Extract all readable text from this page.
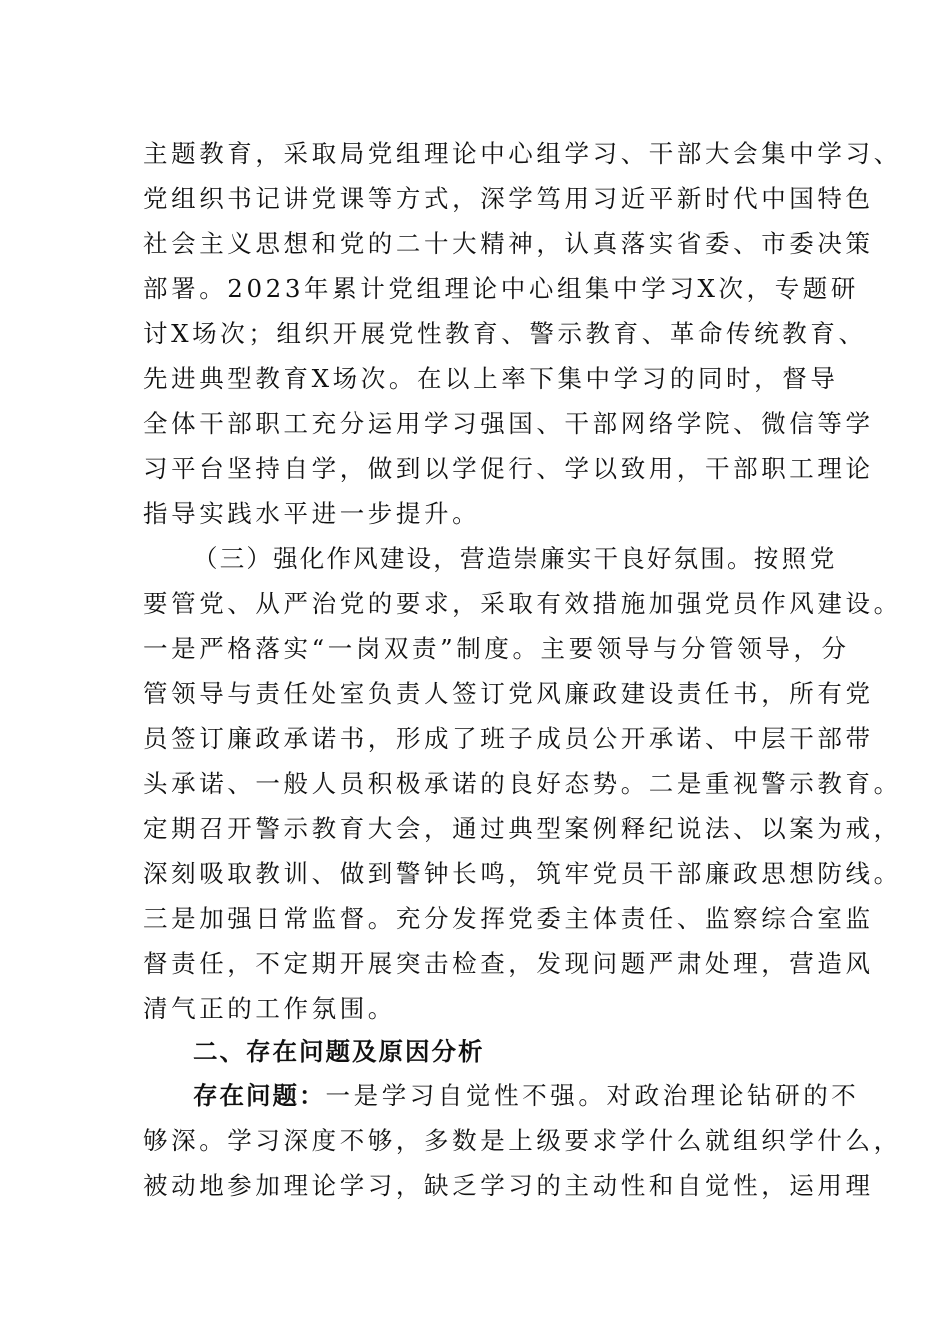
主题教育，采取局党组理论中心组学习、干部大会集中学习、
党组织书记讲党课等方式，深学笃用习近平新时代中国特色
社会主义思想和党的二十大精神，认真落实省委、市委决策
部署。2023年累计党组理论中心组集中学习X次，专题研
讨X场次；组织开展党性教育、警示教育、革命传统教育、
先进典型教育X场次。在以上率下集中学习的同时，督导
全体干部职工充分运用学习强国、干部网络学院、微信等学
习平台坚持自学，做到以学促行、学以致用，干部职工理论
指导实践水平进一步提升。
（三）强化作风建设，营造崇廉实干良好氛围。按照党
要管党、从严治党的要求，采取有效措施加强党员作风建设。
一是严格落实“一岗双责”制度。主要领导与分管领导，分
管领导与责任处室负责人签订党风廉政建设责任书，所有党
员签订廉政承诺书，形成了班子成员公开承诺、中层干部带
头承诺、一般人员积极承诺的良好态势。二是重视警示教育。
定期召开警示教育大会，通过典型案例释纪说法、以案为戒，
深刻吸取教训、做到警钟长鸣，筑牢党员干部廉政思想防线。
三是加强日常监督。充分发挥党委主体责任、监察综合室监
督责任，不定期开展突击检查，发现问题严肃处理，营造风
清气正的工作氛围。
二、存在问题及原因分析
存在问题：一是学习自觉性不强。对政治理论钻研的不
够深。学习深度不够，多数是上级要求学什么就组织学什么，
被动地参加理论学习，缺乏学习的主动性和自觉性，运用理
